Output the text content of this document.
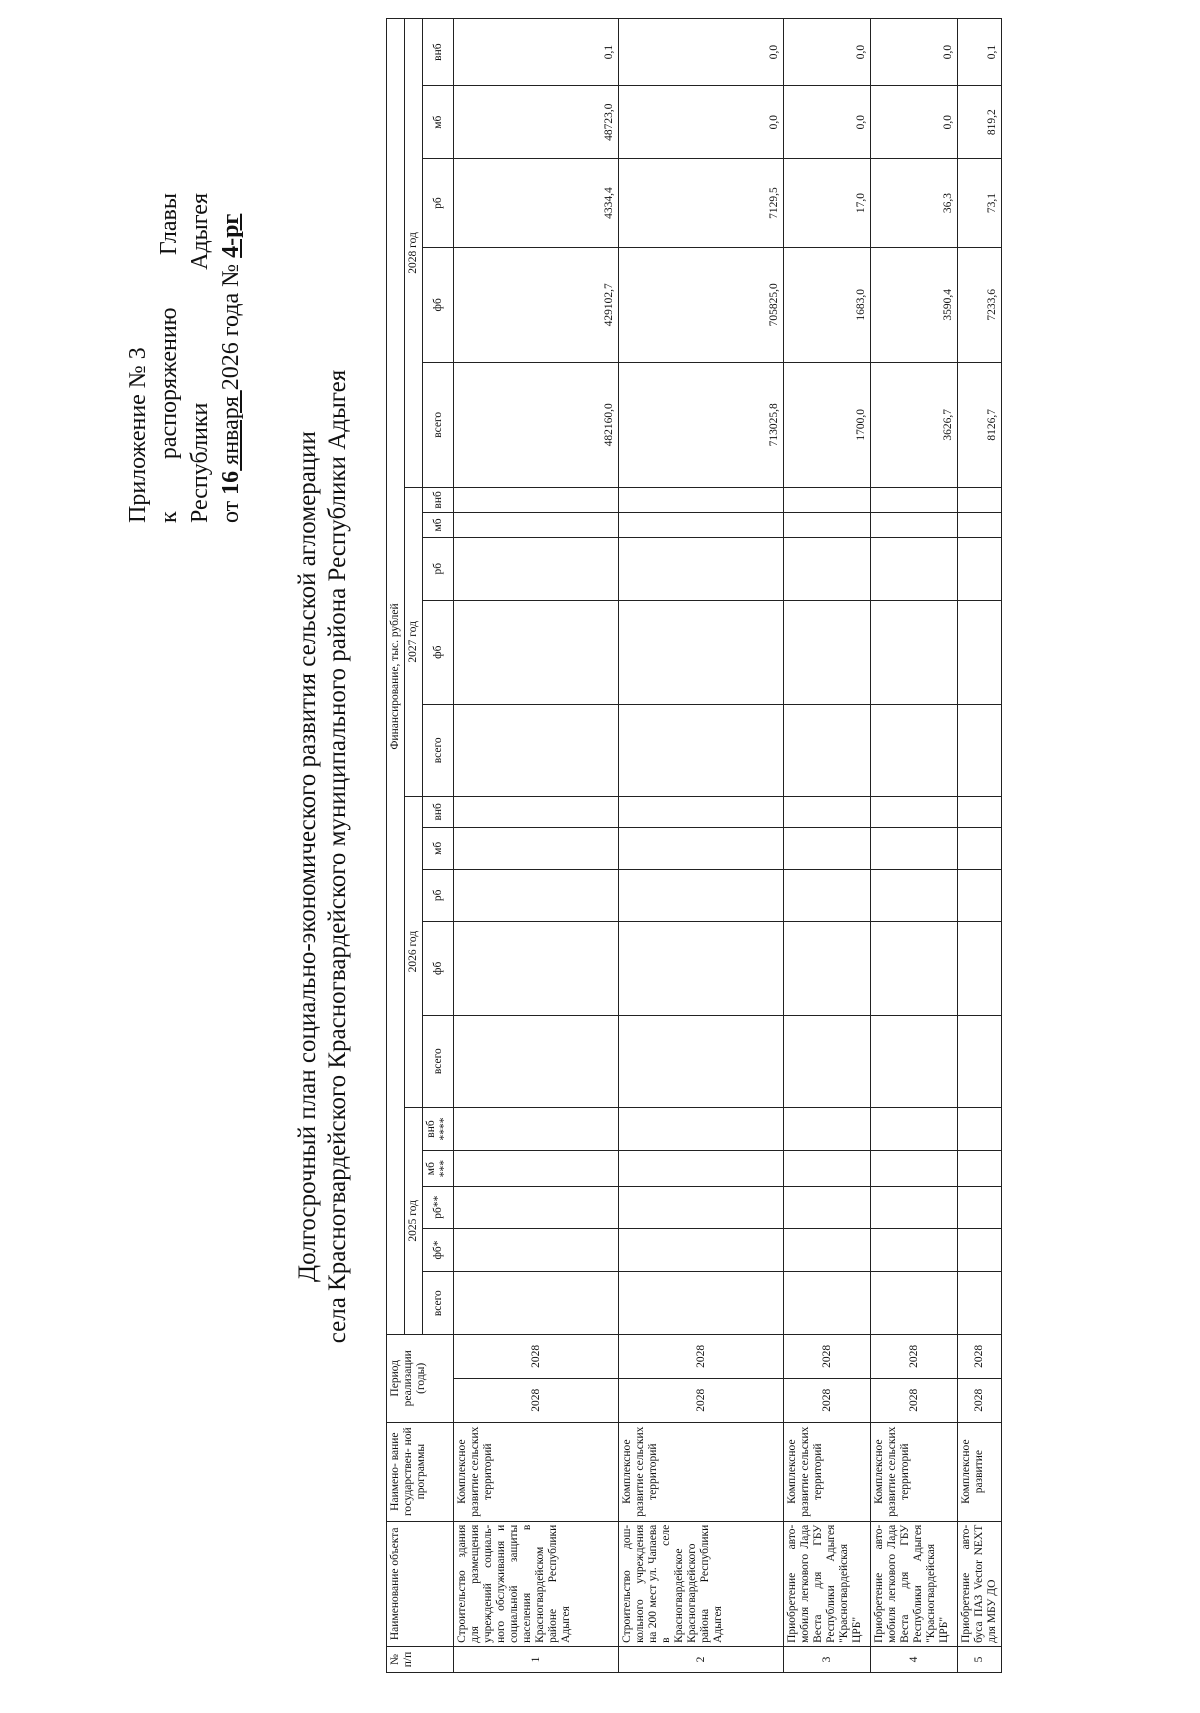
Приложение № 3 к
распоряжению
Главы
Республики
Адыгея
от 16 января 2026 года № 4-рг
Долгосрочный план социально-экономического развития сельской агломерации села Красногвардейского Красногвардейского муниципального района Республики Адыгея
№ п/п	Наименование объекта	Наимено- вание государствен- ной программы	Период реализации (годы)		Финансирование, тыс. рублей																			
					2025 год					2026 год					2027 год					2028 год				
					всего	фб*	рб**	мб ***	внб ****	всего	фб	рб	мб	внб	всего	фб	рб	мб	внб	всего	фб	рб	мб	внб
1	Строительство здания для размещения учреждений социаль-ного обслуживания и социальной защиты населения в Красногвардейском районе Республики Адыгея	Комплексное развитие сельских территорий	2028	2028																482160,0	429102,7	4334,4	48723,0	0,1
2	Строительство дош-кольного учреждения на 200 мест ул. Чапаева в селе Красногвардейское Красногвардейского района Республики Адыгея	Комплексное развитие сельских территорий	2028	2028																713025,8	705825,0	7129,5	0,0	0,0
3	Приобретение авто-мобиля легкового Лада Веста для ГБУ Республики Адыгея "Красногвардейская ЦРБ"	Комплексное развитие сельских территорий	2028	2028																1700,0	1683,0	17,0	0,0	0,0
4	Приобретение авто-мобиля легкового Лада Веста для ГБУ Республики Адыгея "Красногвардейская ЦРБ"	Комплексное развитие сельских территорий	2028	2028																3626,7	3590,4	36,3	0,0	0,0
5	Приобретение авто-буса ПАЗ Vector NEXT для МБУ ДО	Комплексное развитие	2028	2028																8126,7	7233,6	73,1	819,2	0,1
